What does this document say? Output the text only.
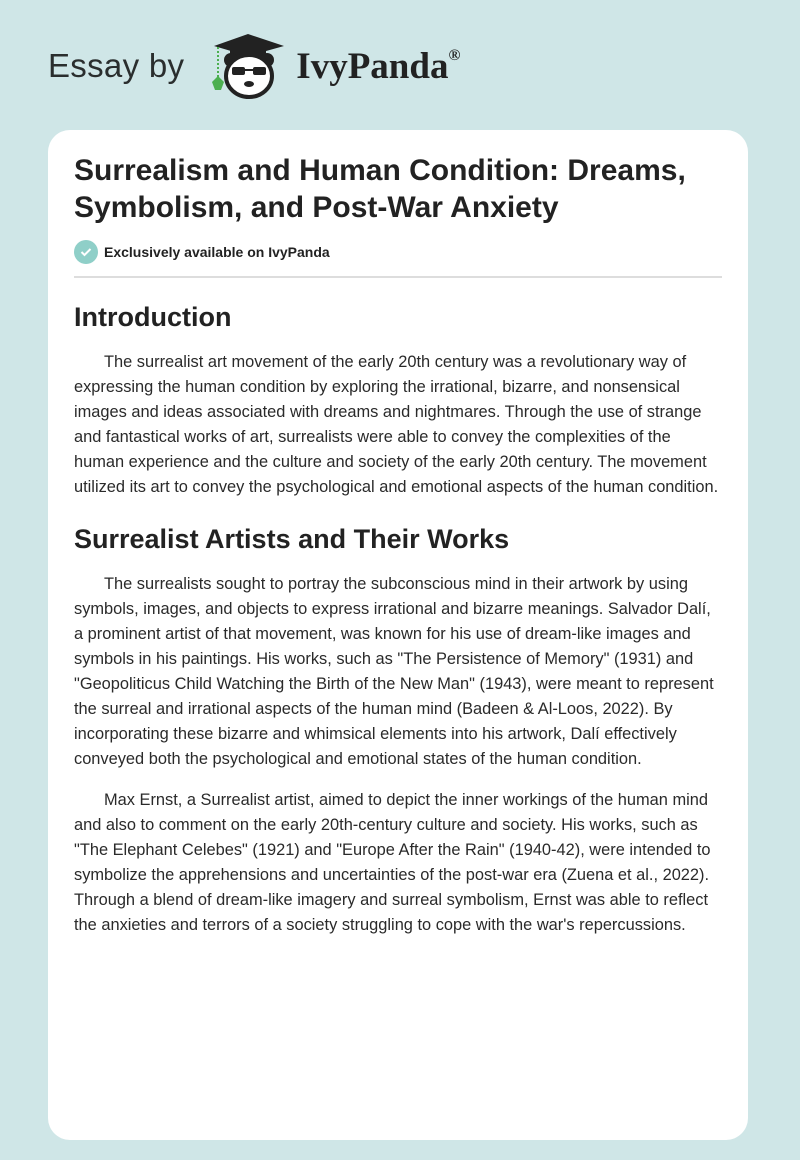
Essay by	IvyPanda®
Surrealism and Human Condition: Dreams, Symbolism, and Post-War Anxiety
Exclusively available on IvyPanda
Introduction

The surrealist art movement of the early 20th century was a revolutionary way of expressing the human condition by exploring the irrational, bizarre, and nonsensical images and ideas associated with dreams and nightmares. Through the use of strange and fantastical works of art, surrealists were able to convey the complexities of the human experience and the culture and society of the early 20th century. The movement utilized its art to convey the psychological and emotional aspects of the human condition.

Surrealist Artists and Their Works

The surrealists sought to portray the subconscious mind in their artwork by using symbols, images, and objects to express irrational and bizarre meanings. Salvador Dalí, a prominent artist of that movement, was known for his use of dream-like images and symbols in his paintings. His works, such as "The Persistence of Memory" (1931) and "Geopoliticus Child Watching the Birth of the New Man" (1943), were meant to represent the surreal and irrational aspects of the human mind (Badeen & Al-Loos, 2022). By incorporating these bizarre and whimsical elements into his artwork, Dalí effectively conveyed both the psychological and emotional states of the human condition.

Max Ernst, a Surrealist artist, aimed to depict the inner workings of the human mind and also to comment on the early 20th-century culture and society. His works, such as "The Elephant Celebes" (1921) and "Europe After the Rain" (1940-42), were intended to symbolize the apprehensions and uncertainties of the post-war era (Zuena et al., 2022). Through a blend of dream-like imagery and surreal symbolism, Ernst was able to reflect the anxieties and terrors of a society struggling to cope with the war's repercussions.
